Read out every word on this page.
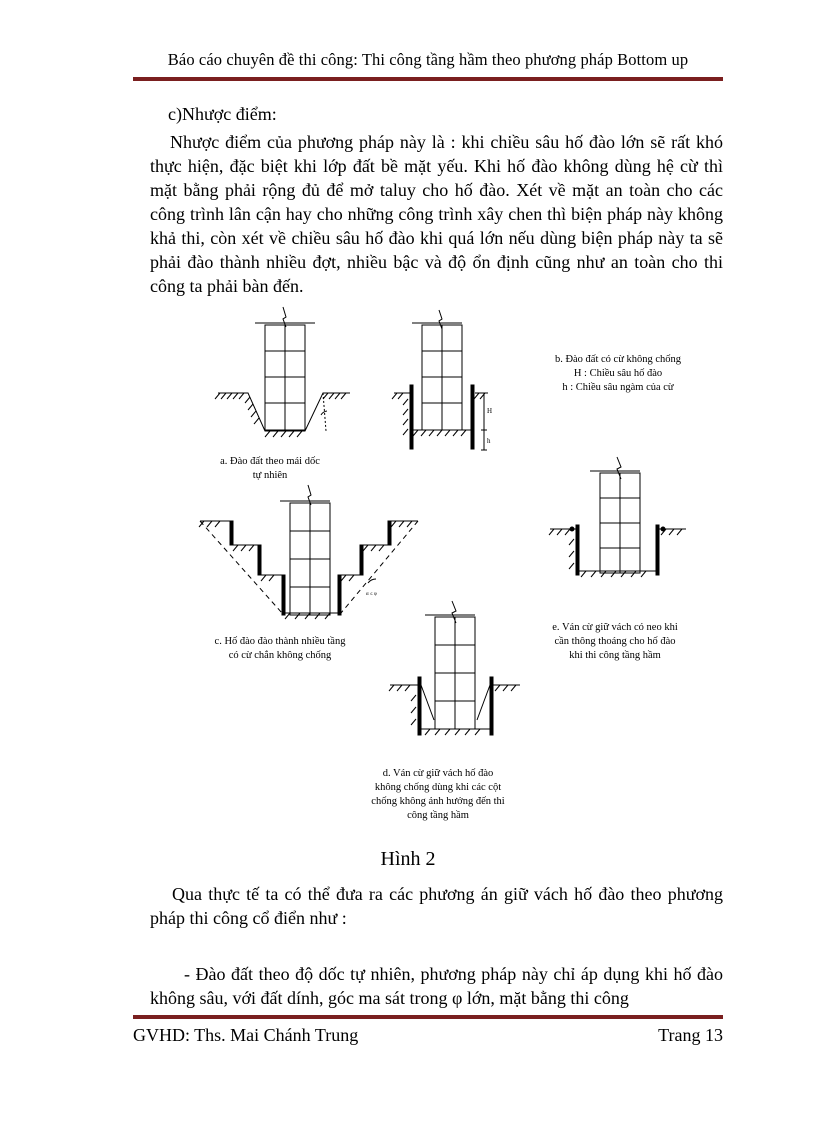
Báo cáo chuyên đề thi công: Thi công tầng hầm theo phương pháp Bottom up
c)Nhược điểm:
Nhược điểm của phương pháp này là : khi chiều sâu hố đào lớn sẽ rất khó thực hiện, đặc biệt khi lớp đất bề mặt yếu. Khi hố đào không dùng hệ cừ thì mặt bằng phải rộng đủ để mở taluy cho hố đào. Xét về mặt an toàn cho các công trình lân cận hay cho những công trình xây chen thì biện pháp này không khả thi, còn xét về chiều sâu hố đào khi quá lớn nếu dùng biện pháp này ta sẽ phải đào thành nhiều đợt, nhiều bậc và độ ổn định cũng như an toàn cho thi công ta phải bàn đến.
H
h
α ≤ φ
b. Đào đất có cừ không chống
H : Chiều sâu hố đào
h : Chiều sâu ngàm của cừ
a. Đào đất theo mái dốc
tự nhiên
c. Hố đào đào thành nhiều tầng
có cừ chắn không chống
e. Ván cừ giữ vách có neo khi
cần thông thoáng cho hố đào
khi thi công tầng hầm
d. Ván cừ giữ vách hố đào
không chống dùng khi các cột
chống không ảnh hưởng đến thi
công tầng hầm
Hình 2
Qua thực tế ta có thể đưa ra các phương án giữ vách hố đào theo phương pháp thi công cổ điển như :
- Đào đất theo độ dốc tự nhiên, phương pháp này chỉ áp dụng khi hố đào không sâu, với đất dính, góc ma sát trong φ lớn, mặt bằng thi công
GVHD: Ths. Mai Chánh Trung	Trang 13
